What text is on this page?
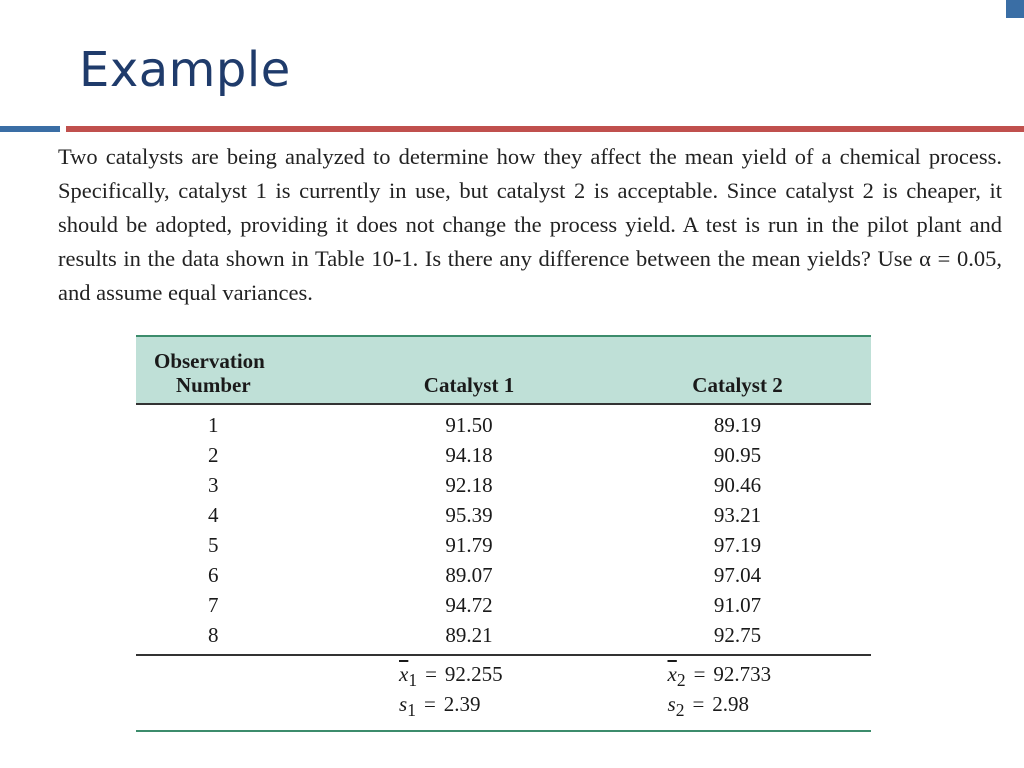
Example

Two catalysts are being analyzed to determine how they affect the mean yield of a chemical process. Specifically, catalyst 1 is currently in use, but catalyst 2 is acceptable. Since catalyst 2 is cheaper, it should be adopted, providing it does not change the process yield. A test is run in the pilot plant and results in the data shown in Table 10-1. Is there any difference between the mean yields? Use α = 0.05, and assume equal variances.

Observation
Number	Catalyst 1	Catalyst 2
1	91.50	89.19
2	94.18	90.95
3	92.18	90.46
4	95.39	93.21
5	91.79	97.19
6	89.07	97.04
7	94.72	91.07
8	89.21	92.75
	$\overline{x}_1 = 92.255$	$\overline{x}_2 = 92.733$
	$s_1 = 2.39$	$s_2 = 2.98$
